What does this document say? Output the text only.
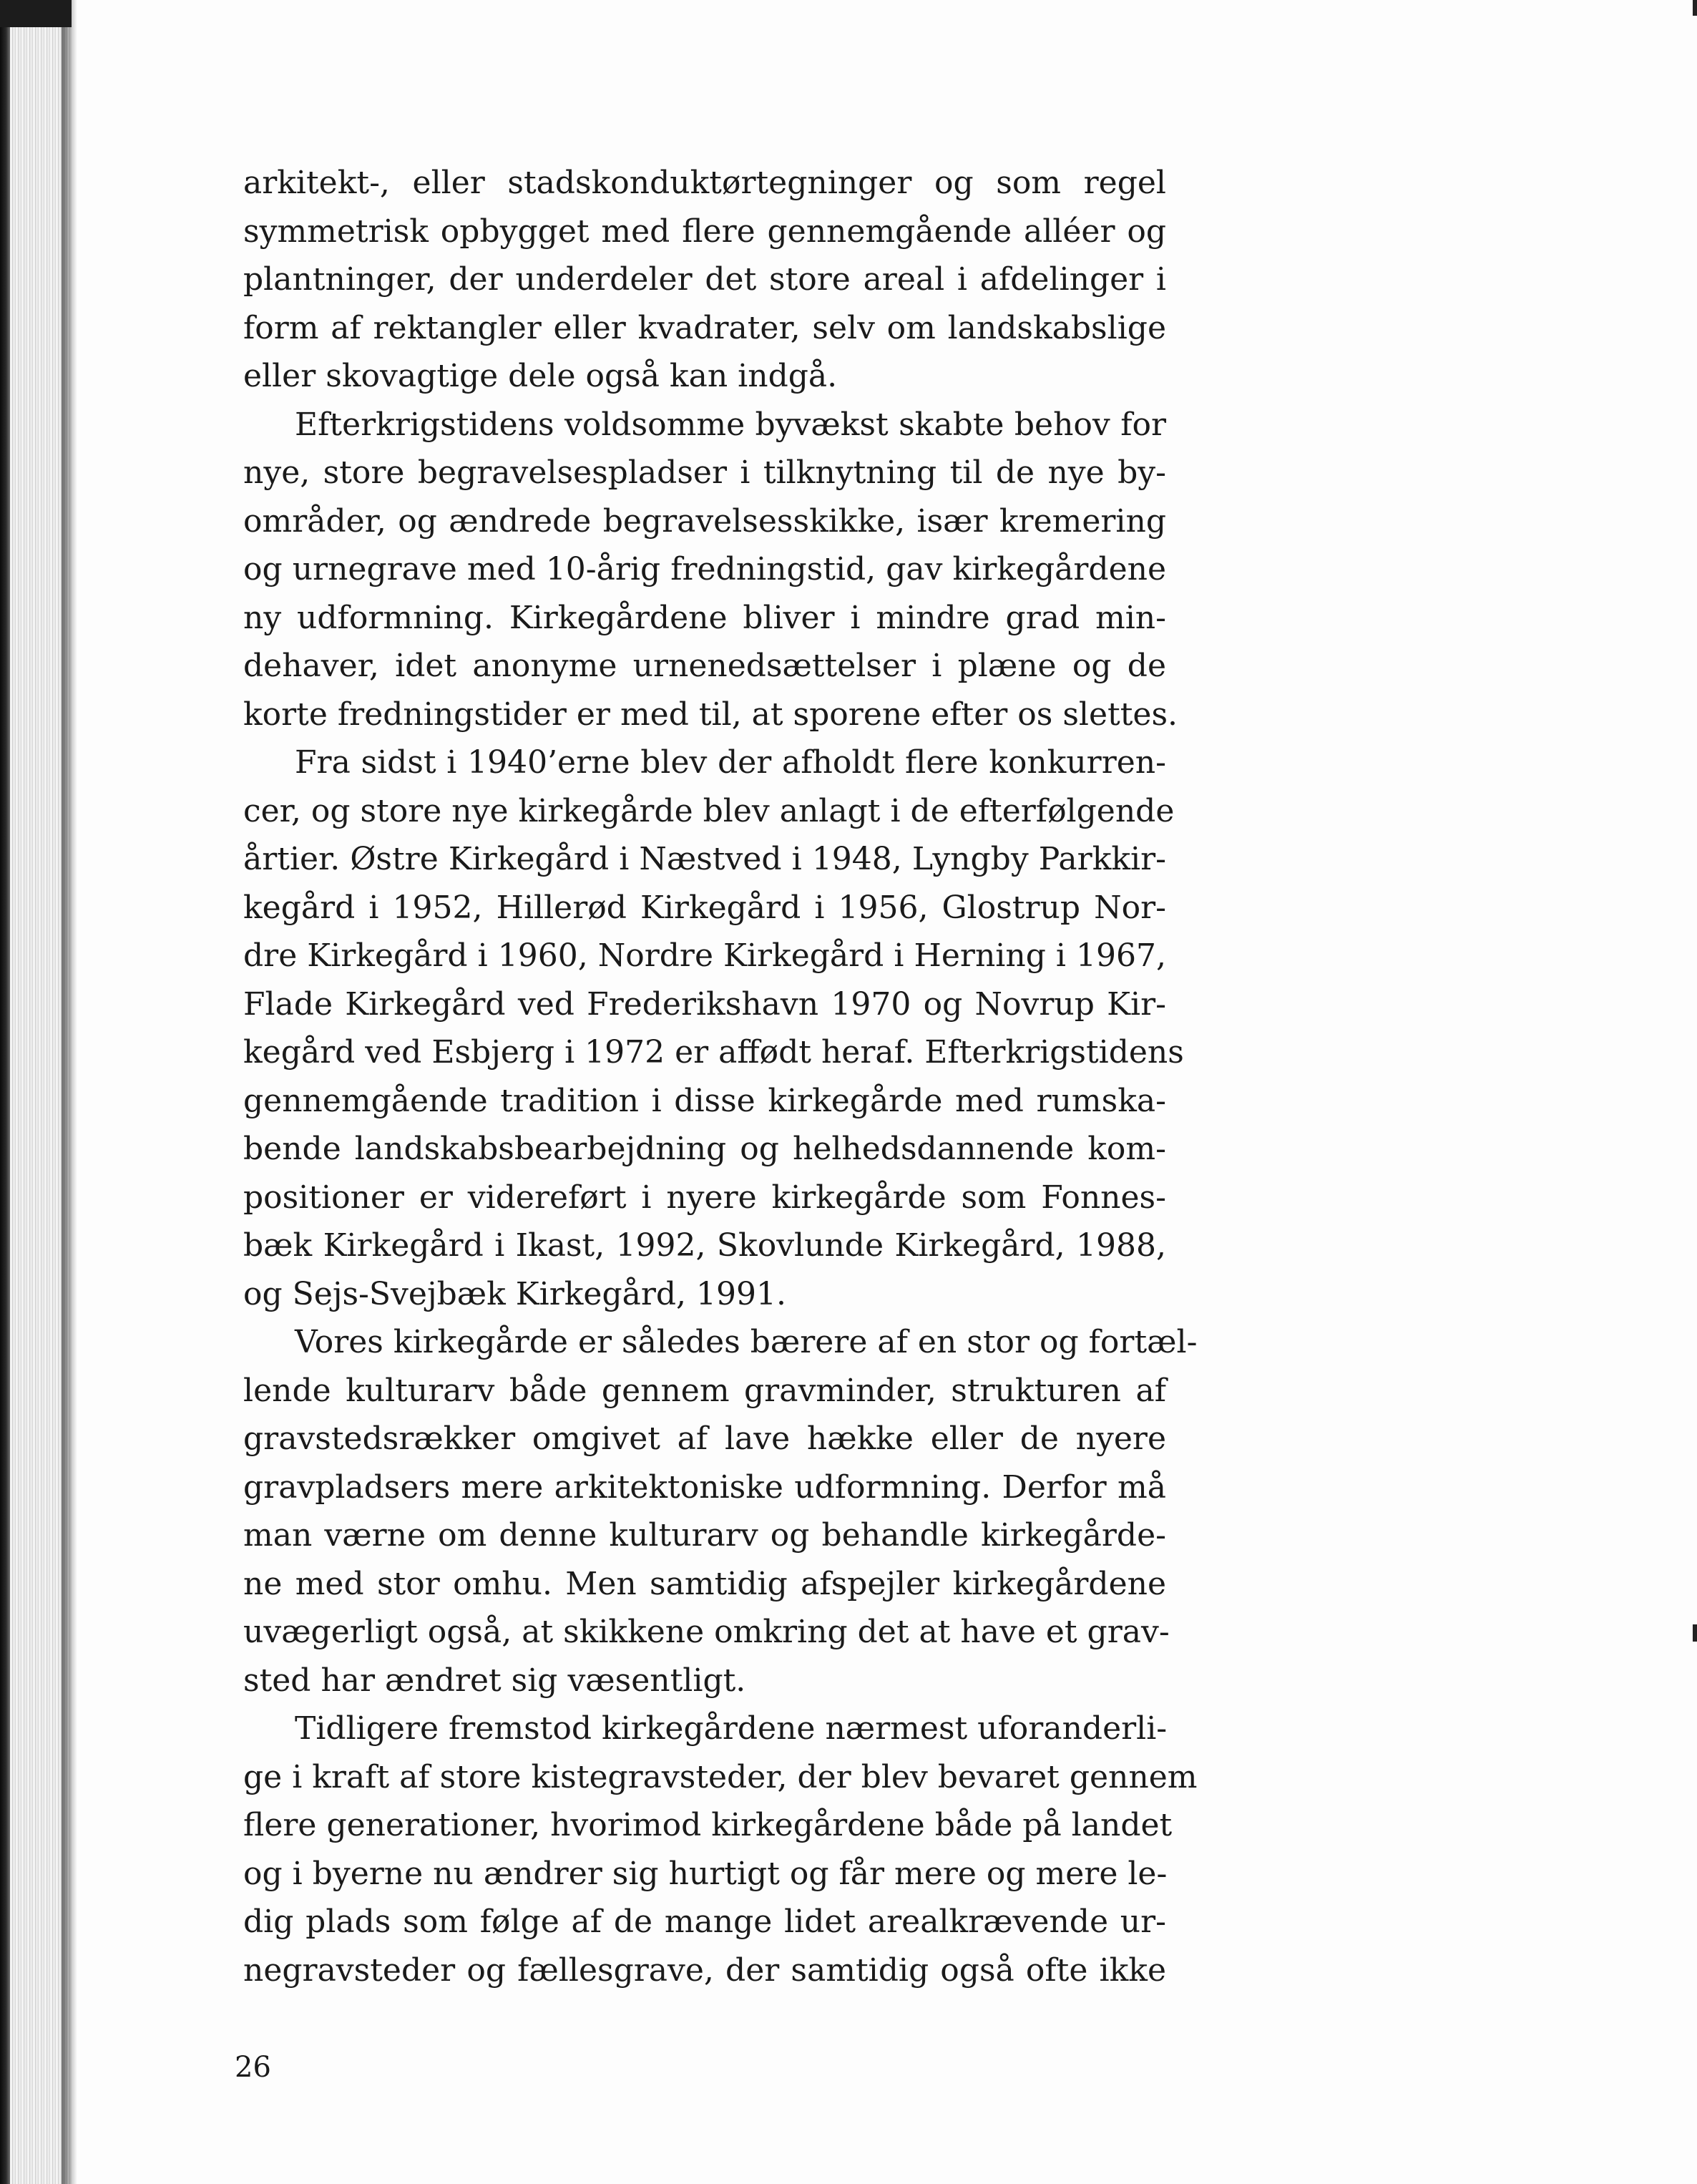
arkitekt-, eller stadskonduktørtegninger og som regel
symmetrisk opbygget med flere gennemgående alléer og
plantninger, der underdeler det store areal i afdelinger i
form af rektangler eller kvadrater, selv om landskabslige
eller skovagtige dele også kan indgå.
Efterkrigstidens voldsomme byvækst skabte behov for
nye, store begravelsespladser i tilknytning til de nye by-
områder, og ændrede begravelsesskikke, især kremering
og urnegrave med 10-årig fredningstid, gav kirkegårdene
ny udformning. Kirkegårdene bliver i mindre grad min-
dehaver, idet anonyme urnenedsættelser i plæne og de
korte fredningstider er med til, at sporene efter os slettes.
Fra sidst i 1940’erne blev der afholdt flere konkurren-
cer, og store nye kirkegårde blev anlagt i de efterfølgende
årtier. Østre Kirkegård i Næstved i 1948, Lyngby Parkkir-
kegård i 1952, Hillerød Kirkegård i 1956, Glostrup Nor-
dre Kirkegård i 1960, Nordre Kirkegård i Herning i 1967,
Flade Kirkegård ved Frederikshavn 1970 og Novrup Kir-
kegård ved Esbjerg i 1972 er affødt heraf. Efterkrigstidens
gennemgående tradition i disse kirkegårde med rumska-
bende landskabsbearbejdning og helhedsdannende kom-
positioner er videreført i nyere kirkegårde som Fonnes-
bæk Kirkegård i Ikast, 1992, Skovlunde Kirkegård, 1988,
og Sejs-Svejbæk Kirkegård, 1991.
Vores kirkegårde er således bærere af en stor og fortæl-
lende kulturarv både gennem gravminder, strukturen af
gravstedsrækker omgivet af lave hække eller de nyere
gravpladsers mere arkitektoniske udformning. Derfor må
man værne om denne kulturarv og behandle kirkegårde-
ne med stor omhu. Men samtidig afspejler kirkegårdene
uvægerligt også, at skikkene omkring det at have et grav-
sted har ændret sig væsentligt.
Tidligere fremstod kirkegårdene nærmest uforanderli-
ge i kraft af store kistegravsteder, der blev bevaret gennem
flere generationer, hvorimod kirkegårdene både på landet
og i byerne nu ændrer sig hurtigt og får mere og mere le-
dig plads som følge af de mange lidet arealkrævende ur-
negravsteder og fællesgrave, der samtidig også ofte ikke
26
